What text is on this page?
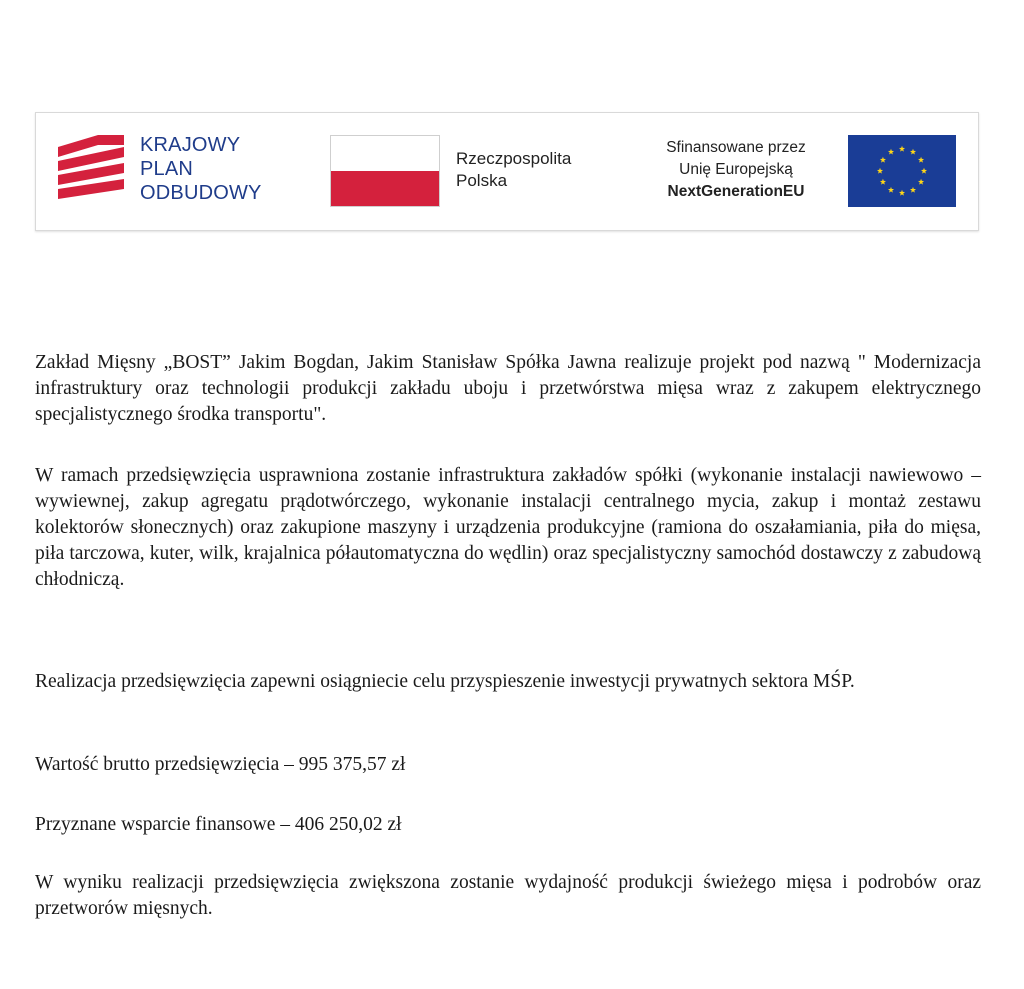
KRAJOWY
PLAN
ODBUDOWY
Rzeczpospolita
Polska
Sfinansowane przez
Unię Europejską
NextGenerationEU

Zakład Mięsny „BOST” Jakim Bogdan, Jakim Stanisław Spółka Jawna realizuje projekt pod nazwą " Modernizacja infrastruktury oraz technologii produkcji zakładu uboju i przetwórstwa mięsa wraz z zakupem elektrycznego specjalistycznego środka transportu".

W ramach przedsięwzięcia usprawniona zostanie infrastruktura zakładów spółki (wykonanie instalacji nawiewowo – wywiewnej, zakup agregatu prądotwórczego, wykonanie instalacji centralnego mycia, zakup i montaż zestawu kolektorów słonecznych) oraz zakupione maszyny i urządzenia produkcyjne (ramiona do oszałamiania, piła do mięsa, piła tarczowa, kuter, wilk, krajalnica półautomatyczna do wędlin) oraz specjalistyczny samochód dostawczy z zabudową chłodniczą.

Realizacja przedsięwzięcia zapewni osiągniecie celu przyspieszenie inwestycji prywatnych sektora MŚP.

Wartość brutto przedsięwzięcia – 995 375,57 zł

Przyznane wsparcie finansowe – 406 250,02 zł

W wyniku realizacji przedsięwzięcia zwiększona zostanie wydajność produkcji świeżego mięsa i podrobów oraz przetworów mięsnych.
